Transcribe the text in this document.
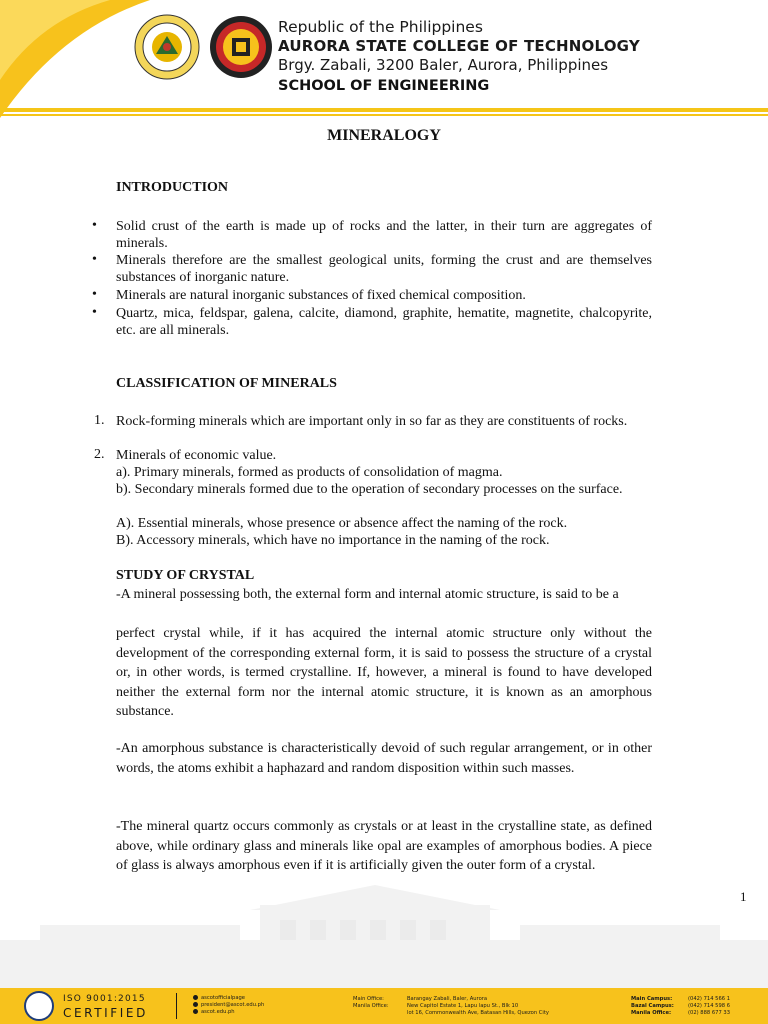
Republic of the Philippines
AURORA STATE COLLEGE OF TECHNOLOGY
Brgy. Zabali, 3200 Baler, Aurora, Philippines
SCHOOL OF ENGINEERING
MINERALOGY
INTRODUCTION
• Solid crust of the earth is made up of rocks and the latter, in their turn are aggregates of minerals.
• Minerals therefore are the smallest geological units, forming the crust and are themselves substances of inorganic nature.
• Minerals are natural inorganic substances of fixed chemical composition.
• Quartz, mica, feldspar, galena, calcite, diamond, graphite, hematite, magnetite, chalcopyrite, etc. are all minerals.
CLASSIFICATION OF MINERALS
1. Rock-forming minerals which are important only in so far as they are constituents of rocks.
2. Minerals of economic value.
a). Primary minerals, formed as products of consolidation of magma.
b). Secondary minerals formed due to the operation of secondary processes on the surface.
A). Essential minerals, whose presence or absence affect the naming of the rock.
B). Accessory minerals, which have no importance in the naming of the rock.
STUDY OF CRYSTAL
-A mineral possessing both, the external form and internal atomic structure, is said to be a
perfect crystal while, if it has acquired the internal atomic structure only without the development of the corresponding external form, it is said to possess the structure of a crystal or, in other words, is termed crystalline. If, however, a mineral is found to have developed neither the external form nor the internal atomic structure, it is known as an amorphous substance.
-An amorphous substance is characteristically devoid of such regular arrangement, or in other words, the atoms exhibit a haphazard and random disposition within such masses.
-The mineral quartz occurs commonly as crystals or at least in the crystalline state, as defined above, while ordinary glass and minerals like opal are examples of amorphous bodies. A piece of glass is always amorphous even if it is artificially given the outer form of a crystal.
1
ISO 9001:2015
CERTIFIED
ascotofficialpage
president@ascot.edu.ph
ascot.edu.ph
Main Office:
Manila Office:
Barangay Zabali, Baler, Aurora
New Capitol Estate 1, Lapu lapu St., Blk 10
lot 16, Commonwealth Ave, Batasan Hills, Quezon City
Main Campus:
Bazal Campus:
Manila Office:
(042) 714 566 1
(042) 714 598 6
(02) 888 677 33
